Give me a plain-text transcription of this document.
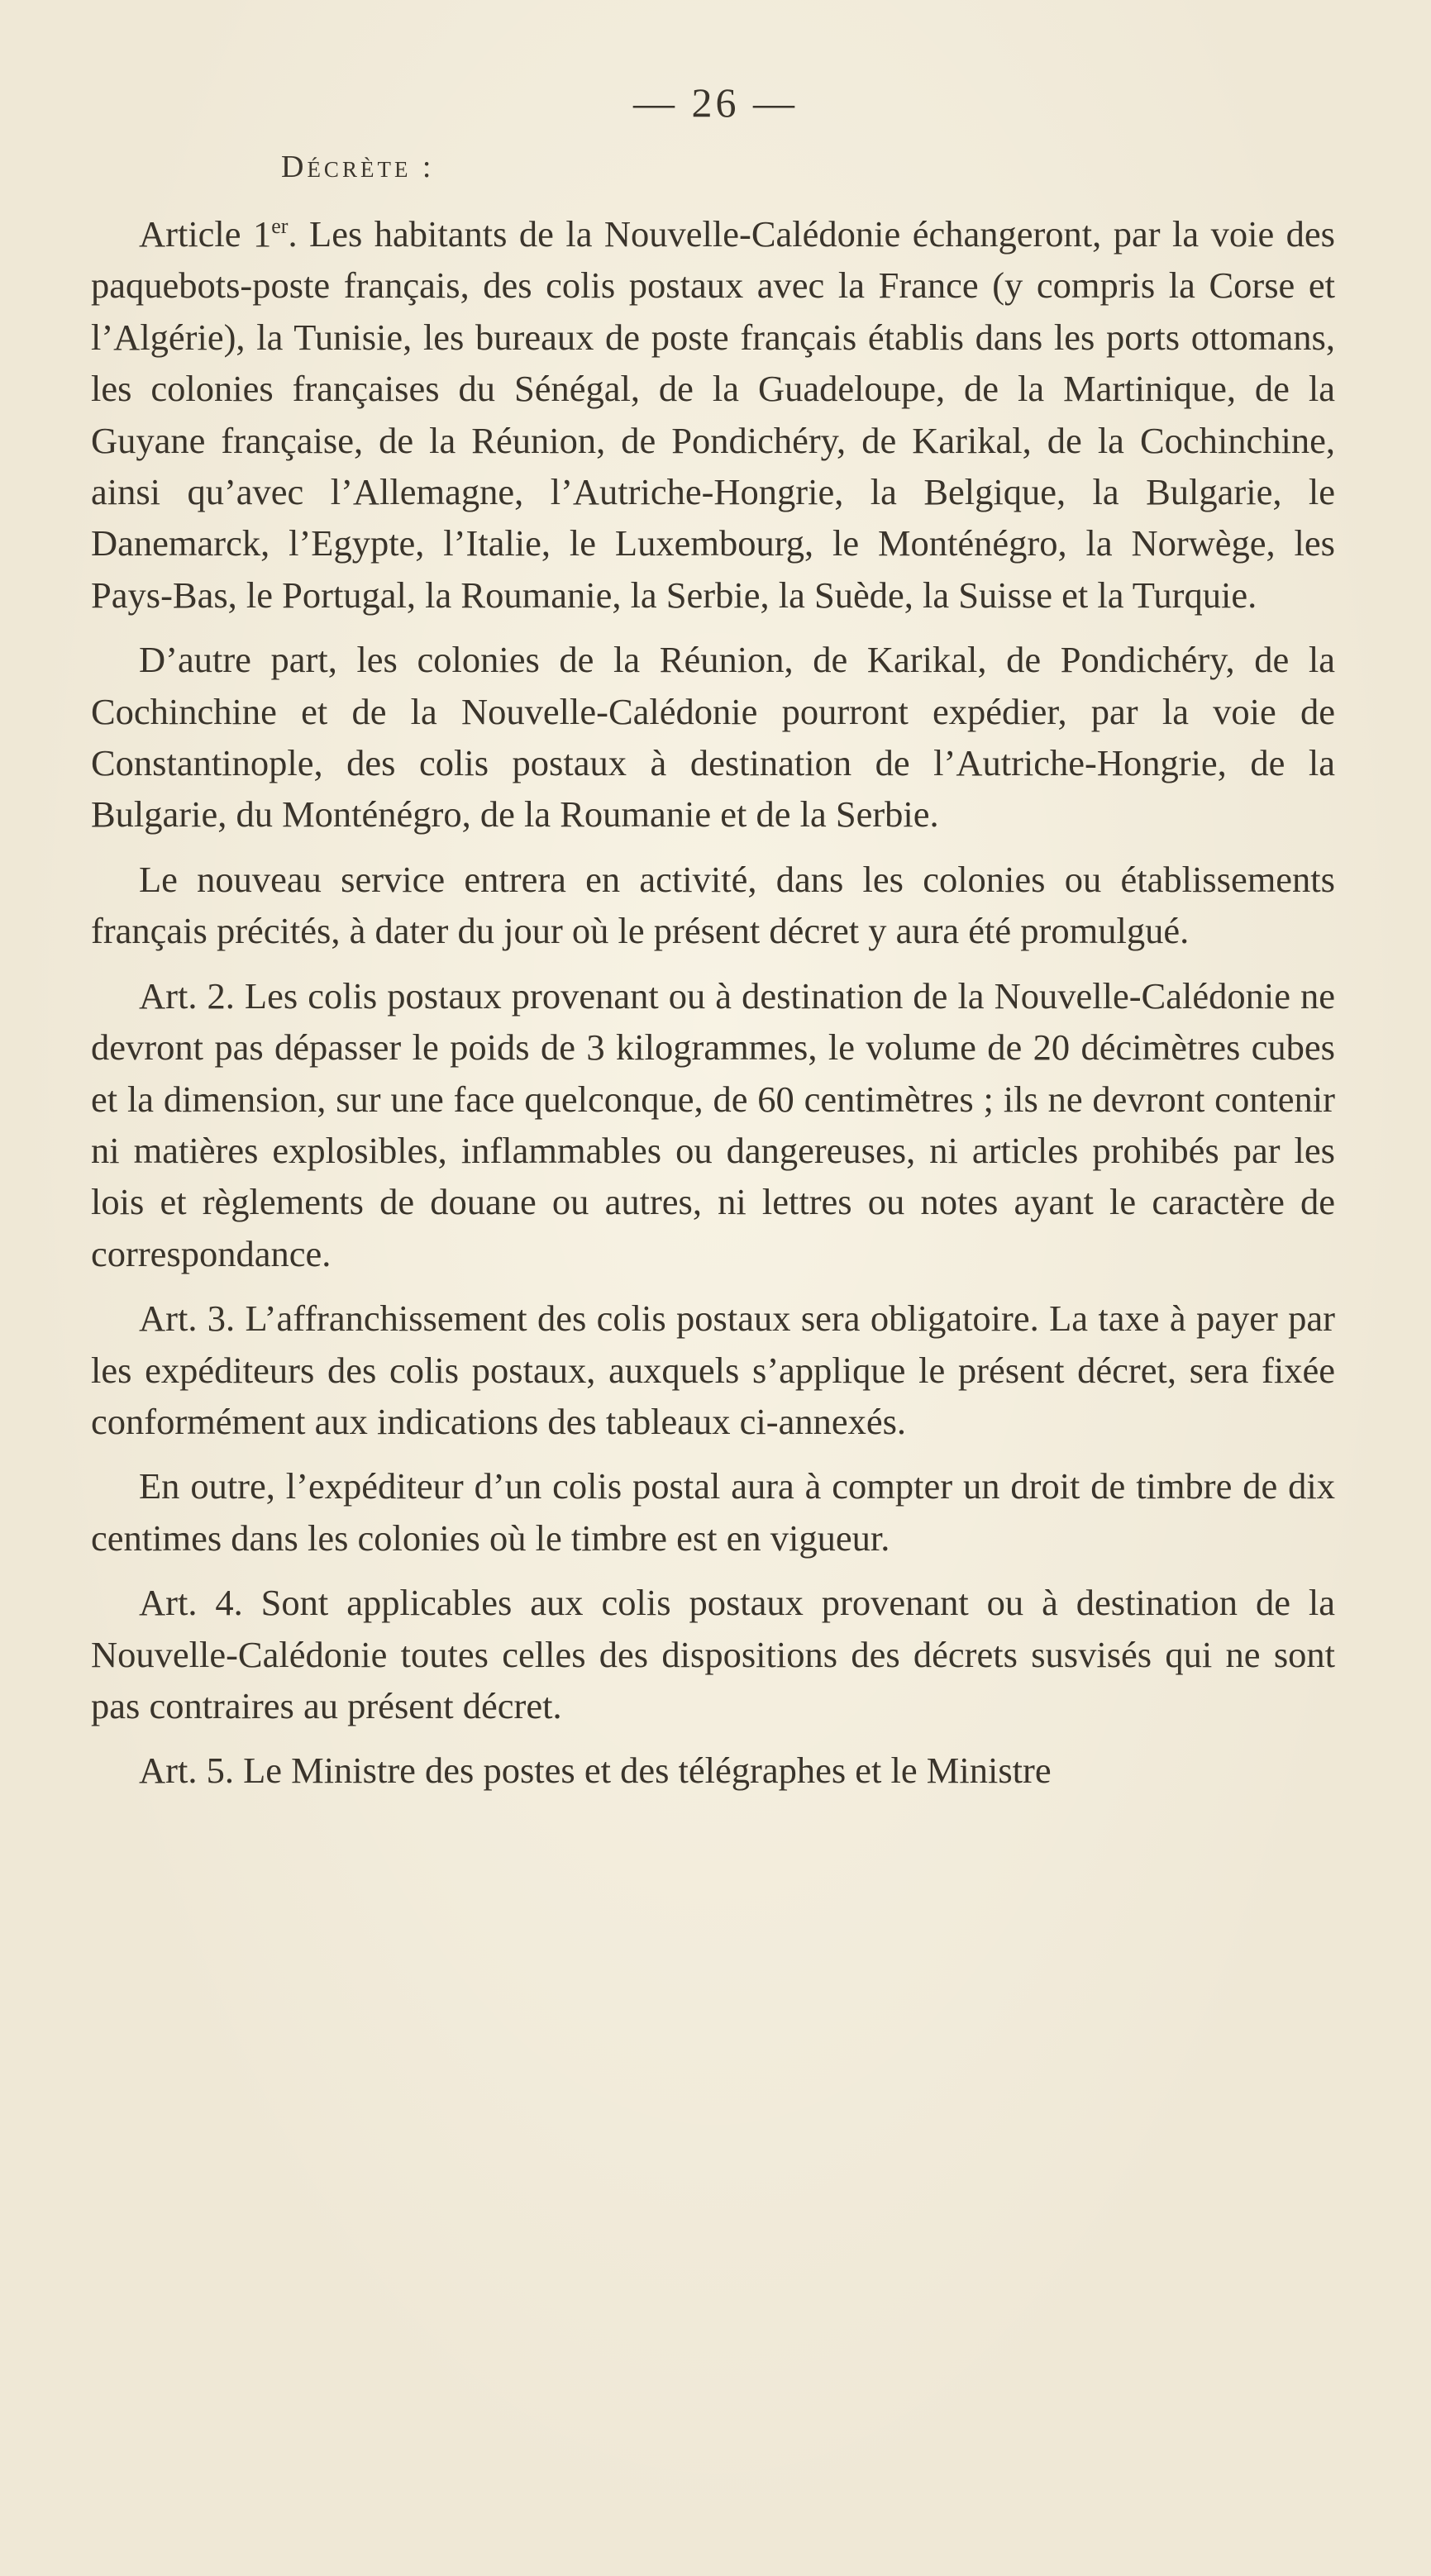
— 26 —
Décrète :

Article 1er. Les habitants de la Nouvelle-Calédonie échangeront, par la voie des paquebots-poste français, des colis postaux avec la France (y compris la Corse et l’Algérie), la Tunisie, les bureaux de poste français établis dans les ports ottomans, les colonies françaises du Sénégal, de la Guadeloupe, de la Martinique, de la Guyane française, de la Réunion, de Pondichéry, de Karikal, de la Cochinchine, ainsi qu’avec l’Allemagne, l’Autriche-Hongrie, la Belgique, la Bulgarie, le Danemarck, l’Egypte, l’Italie, le Luxembourg, le Monténégro, la Norwège, les Pays-Bas, le Portugal, la Roumanie, la Serbie, la Suède, la Suisse et la Turquie.

D’autre part, les colonies de la Réunion, de Karikal, de Pondichéry, de la Cochinchine et de la Nouvelle-Calédonie pourront expédier, par la voie de Constantinople, des colis postaux à destination de l’Autriche-Hongrie, de la Bulgarie, du Monténégro, de la Roumanie et de la Serbie.

Le nouveau service entrera en activité, dans les colonies ou établissements français précités, à dater du jour où le présent décret y aura été promulgué.

Art. 2. Les colis postaux provenant ou à destination de la Nouvelle-Calédonie ne devront pas dépasser le poids de 3 kilogrammes, le volume de 20 décimètres cubes et la dimension, sur une face quelconque, de 60 centimètres ; ils ne devront contenir ni matières explosibles, inflammables ou dangereuses, ni articles prohibés par les lois et règlements de douane ou autres, ni lettres ou notes ayant le caractère de correspondance.

Art. 3. L’affranchissement des colis postaux sera obligatoire. La taxe à payer par les expéditeurs des colis postaux, auxquels s’applique le présent décret, sera fixée conformément aux indications des tableaux ci-annexés.

En outre, l’expéditeur d’un colis postal aura à compter un droit de timbre de dix centimes dans les colonies où le timbre est en vigueur.

Art. 4. Sont applicables aux colis postaux provenant ou à destination de la Nouvelle-Calédonie toutes celles des dispositions des décrets susvisés qui ne sont pas contraires au présent décret.

Art. 5. Le Ministre des postes et des télégraphes et le Ministre
